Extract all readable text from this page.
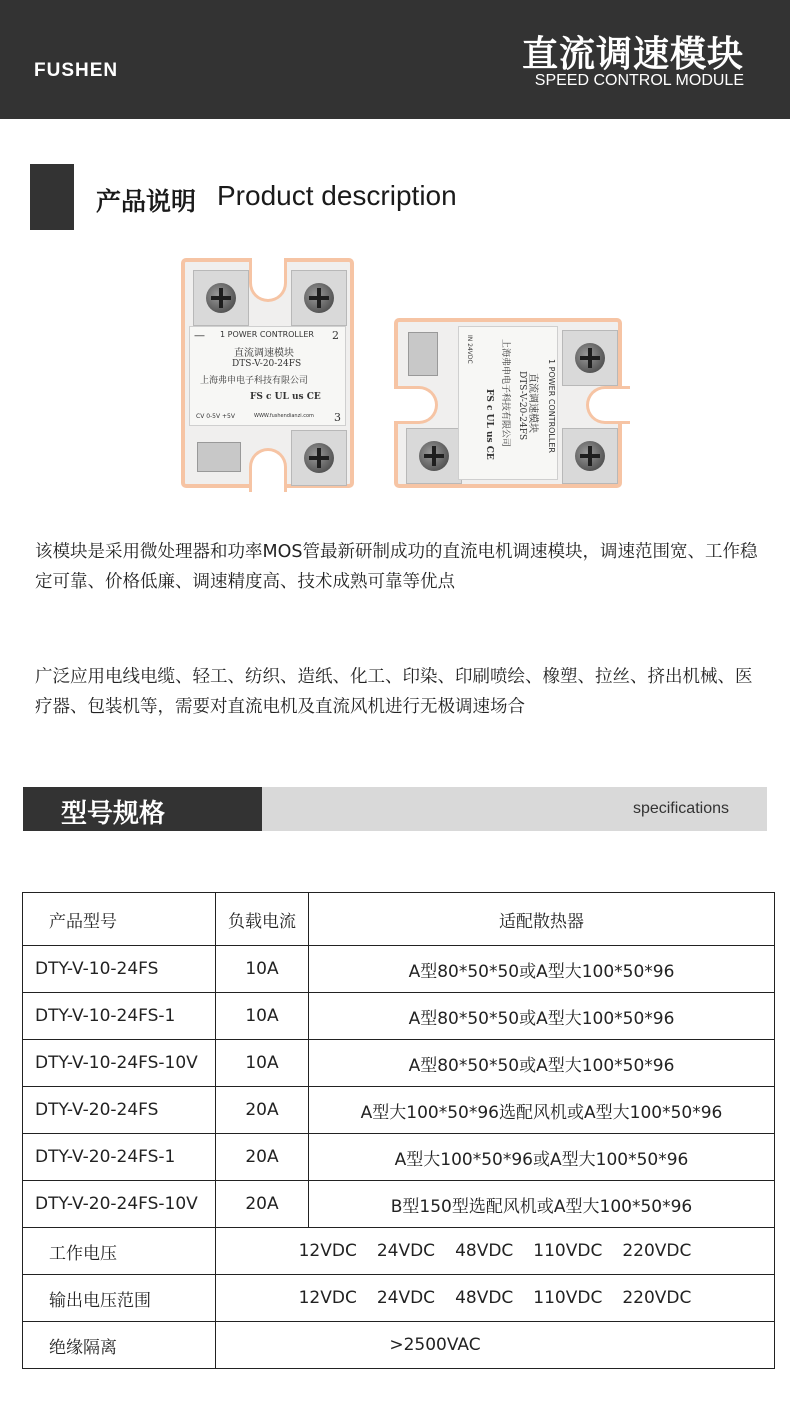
FUSHEN	直流调速模块
SPEED CONTROL MODULE
产品说明 Product description
— 1 POWER CONTROLLER 2
直流调速模块
DTS-V-20-24FS
上海弗申电子科技有限公司
FS c UL us CE
CV 0-5V +5V	WWW.fushendianzi.com 3	1 POWER CONTROLLER
直流调速模块
DTS-V-20-24FS
上海弗申电子科技有限公司
FS c UL us CE
IN 24VDC
该模块是采用微处理器和功率MOS管最新研制成功的直流电机调速模块，调速范围宽、工作稳定可靠、价格低廉、调速精度高、技术成熟可靠等优点
广泛应用电线电缆、轻工、纺织、造纸、化工、印染、印刷喷绘、橡塑、拉丝、挤出机械、医疗器、包装机等，需要对直流电机及直流风机进行无极调速场合
型号规格	specifications
产品型号	负载电流	适配散热器
DTY-V-10-24FS	10A	A型80*50*50或A型大100*50*96
DTY-V-10-24FS-1	10A	A型80*50*50或A型大100*50*96
DTY-V-10-24FS-10V	10A	A型80*50*50或A型大100*50*96
DTY-V-20-24FS	20A	A型大100*50*96选配风机或A型大100*50*96
DTY-V-20-24FS-1	20A	A型大100*50*96或A型大100*50*96
DTY-V-20-24FS-10V	20A	B型150型选配风机或A型大100*50*96
工作电压	12VDC 24VDC 48VDC 110VDC 220VDC	
输出电压范围	12VDC 24VDC 48VDC 110VDC 220VDC	
绝缘隔离	>2500VAC	
